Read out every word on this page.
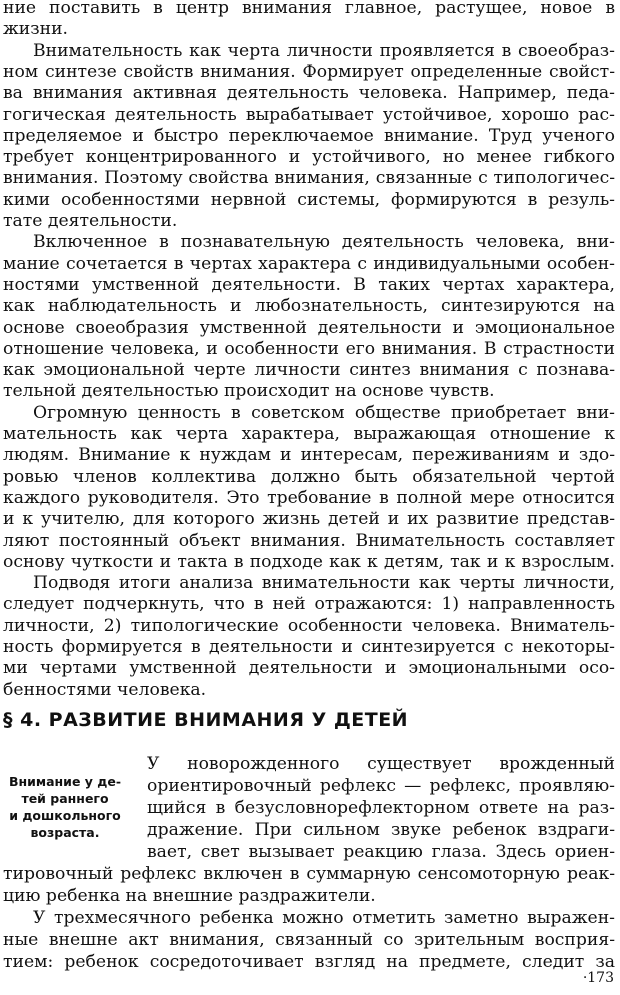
ние поставить в центр внимания главное, растущее, новое в
жизни.
Внимательность как черта личности проявляется в своеобраз-
ном синтезе свойств внимания. Формирует определенные свойст-
ва внимания активная деятельность человека. Например, педа-
гогическая деятельность вырабатывает устойчивое, хорошо рас-
пределяемое и быстро переключаемое внимание. Труд ученого
требует концентрированного и устойчивого, но менее гибкого
внимания. Поэтому свойства внимания, связанные с типологичес-
кими особенностями нервной системы, формируются в резуль-
тате деятельности.
Включенное в познавательную деятельность человека, вни-
мание сочетается в чертах характера с индивидуальными особен-
ностями умственной деятельности. В таких чертах характера,
как наблюдательность и любознательность, синтезируются на
основе своеобразия умственной деятельности и эмоциональное
отношение человека, и особенности его внимания. В страстности
как эмоциональной черте личности синтез внимания с познава-
тельной деятельностью происходит на основе чувств.
Огромную ценность в советском обществе приобретает вни-
мательность как черта характера, выражающая отношение к
людям. Внимание к нуждам и интересам, переживаниям и здо-
ровью членов коллектива должно быть обязательной чертой
каждого руководителя. Это требование в полной мере относится
и к учителю, для которого жизнь детей и их развитие представ-
ляют постоянный объект внимания. Внимательность составляет
основу чуткости и такта в подходе как к детям, так и к взрослым.
Подводя итоги анализа внимательности как черты личности,
следует подчеркнуть, что в ней отражаются: 1) направленность
личности, 2) типологические особенности человека. Вниматель-
ность формируется в деятельности и синтезируется с некоторы-
ми чертами умственной деятельности и эмоциональными осо-
§ 4. РАЗВИТИЕ ВНИМАНИЯ У ДЕТЕЙ
Внимание у де-
тей раннего
и дошкольного
возраста.
У новорожденного существует врожденный
ориентировочный рефлекс — рефлекс, проявляю-
щийся в безусловнорефлекторном ответе на раз-
дражение. При сильном звуке ребенок вздраги-
вает, свет вызывает реакцию глаза. Здесь ориен-
тировочный рефлекс включен в суммарную сенсомоторную реак-
цию ребенка на внешние раздражители.
У трехмесячного ребенка можно отметить заметно выражен-
ные внешне акт внимания, связанный со зрительным восприя-
тием: ребенок сосредоточивает взгляд на предмете, следит за
·173
бенностями человека.
